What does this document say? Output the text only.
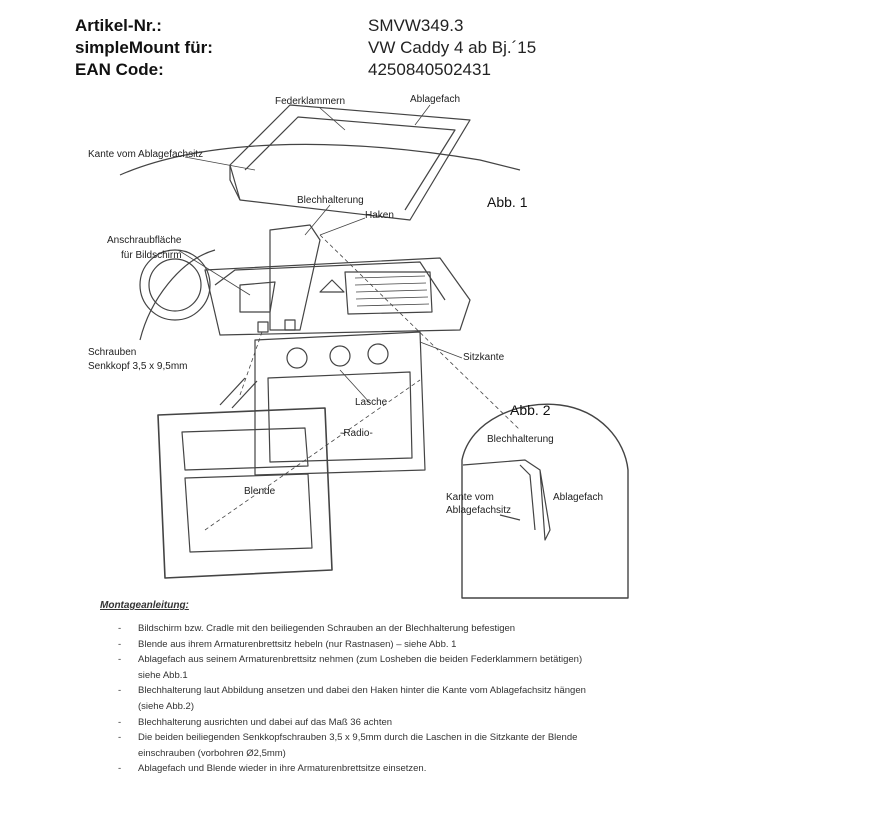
Artikel-Nr.:	SMVW349.3
simpleMount für:	VW Caddy 4 ab Bj.´15
EAN Code:	4250840502431
Federklammern	Ablagefach
Kante vom Ablagefachsitz
Blechhalterung
Haken
Abb. 1
Anschraubfläche
für Bildschirm
Schrauben
Senkkopf 3,5 x 9,5mm
Sitzkante
Lasche
-Radio-
Blende
Abb. 2
Blechhalterung
Kante vom
Ablagefachsitz
Ablagefach
Montageanleitung:
- Bildschirm bzw. Cradle mit den beiliegenden Schrauben an der Blechhalterung befestigen
- Blende aus ihrem Armaturenbrettsitz hebeln (nur Rastnasen) – siehe Abb. 1
- Ablagefach aus seinem Armaturenbrettsitz nehmen (zum Losheben die beiden Federklammern betätigen)
siehe Abb.1
- Blechhalterung laut Abbildung ansetzen und dabei den Haken hinter die Kante vom Ablagefachsitz hängen
(siehe Abb.2)
- Blechhalterung ausrichten und dabei auf das Maß 36 achten
- Die beiden beiliegenden Senkkopfschrauben 3,5 x 9,5mm durch die Laschen in die Sitzkante der Blende
einschrauben (vorbohren Ø2,5mm)
- Ablagefach und Blende wieder in ihre Armaturenbrettsitze einsetzen.
